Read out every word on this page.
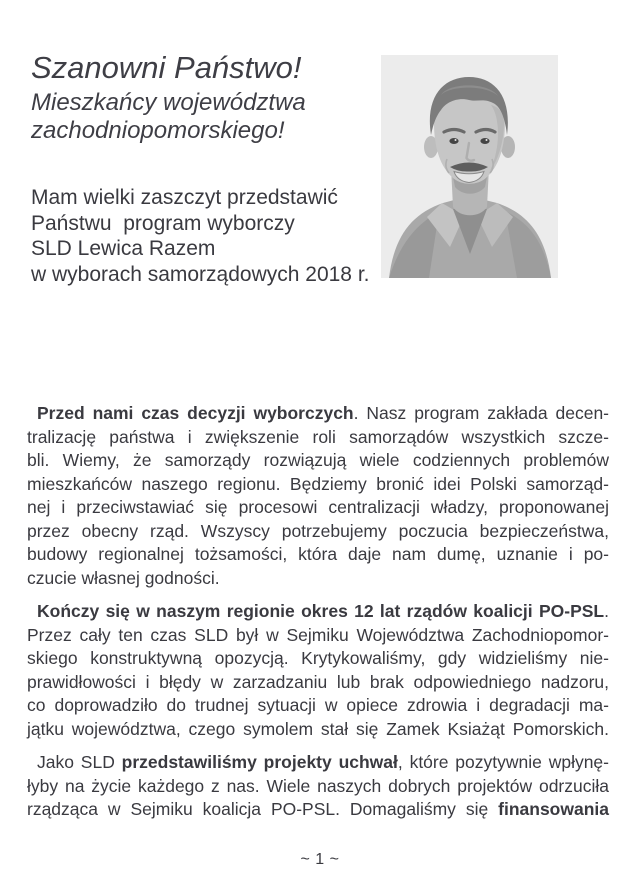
Szanowni Państwo!
Mieszkańcy województwa
zachodniopomorskiego!
Mam wielki zaszczyt przedstawić
Państwu  program wyborczy
SLD Lewica Razem
w wyborach samorządowych 2018 r.
Przed nami czas decyzji wyborczych. Nasz program zakłada decen-
tralizację państwa i zwiększenie roli samorządów wszystkich szcze-
bli. Wiemy, że samorządy rozwiązują wiele codziennych problemów
mieszkańców naszego regionu. Będziemy bronić idei Polski samorząd-
nej i przeciwstawiać się procesowi centralizacji władzy, proponowanej
przez obecny rząd. Wszyscy potrzebujemy poczucia bezpieczeństwa,
budowy regionalnej tożsamości, która daje nam dumę, uznanie i po-
czucie własnej godności.
Kończy się w naszym regionie okres 12 lat rządów koalicji PO-PSL.
Przez cały ten czas SLD był w Sejmiku Województwa Zachodniopomor-
skiego konstruktywną opozycją. Krytykowaliśmy, gdy widzieliśmy nie-
prawidłowości i błędy w zarzadzaniu lub brak odpowiedniego nadzoru,
co doprowadziło do trudnej sytuacji w opiece zdrowia i degradacji ma-
jątku województwa, czego symolem stał się Zamek Ksiażąt Pomorskich.
Jako SLD przedstawiliśmy projekty uchwał, które pozytywnie wpłynę-
łyby na życie każdego z nas. Wiele naszych dobrych projektów odrzuciła
rządząca w Sejmiku koalicja PO-PSL. Domagaliśmy się finansowania
~ 1 ~
